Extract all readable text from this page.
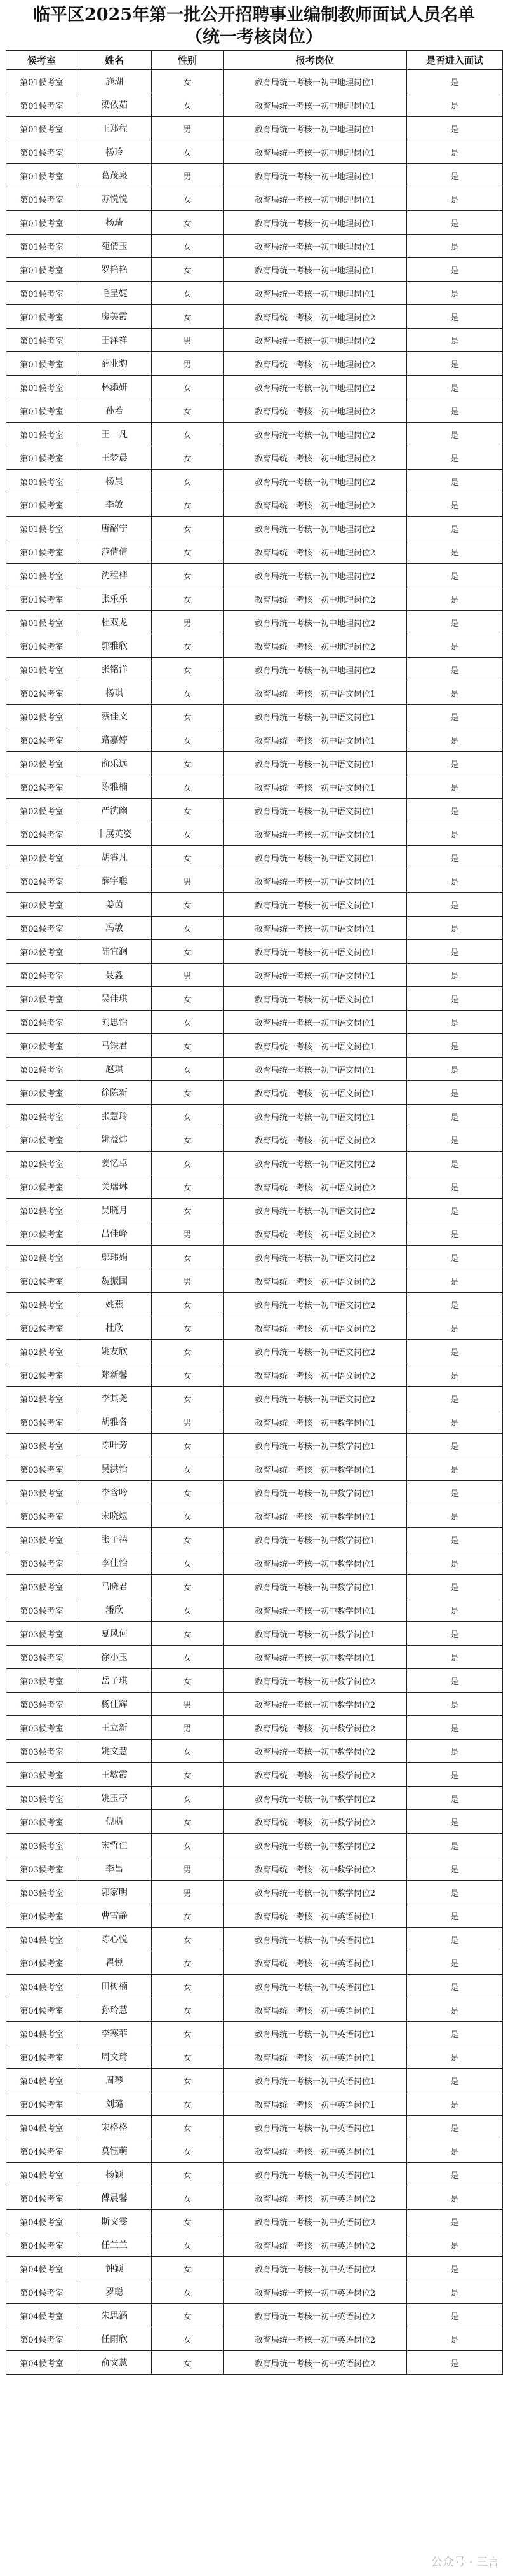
临平区2025年第一批公开招聘事业编制教师面试人员名单
（统一考核岗位）
候考室	姓名	性别	报考岗位	是否进入面试
第01候考室	施瑚	女	教育局统一考核一初中地理岗位1	是
第01候考室	梁依茹	女	教育局统一考核一初中地理岗位1	是
第01候考室	王郑程	男	教育局统一考核一初中地理岗位1	是
第01候考室	杨玲	女	教育局统一考核一初中地理岗位1	是
第01候考室	葛茂泉	男	教育局统一考核一初中地理岗位1	是
第01候考室	苏悦悦	女	教育局统一考核一初中地理岗位1	是
第01候考室	杨琦	女	教育局统一考核一初中地理岗位1	是
第01候考室	苑倩玉	女	教育局统一考核一初中地理岗位1	是
第01候考室	罗艳艳	女	教育局统一考核一初中地理岗位1	是
第01候考室	毛呈婕	女	教育局统一考核一初中地理岗位1	是
第01候考室	廖美霞	女	教育局统一考核一初中地理岗位2	是
第01候考室	王泽祥	男	教育局统一考核一初中地理岗位2	是
第01候考室	薛业豹	男	教育局统一考核一初中地理岗位2	是
第01候考室	林添妍	女	教育局统一考核一初中地理岗位2	是
第01候考室	孙若	女	教育局统一考核一初中地理岗位2	是
第01候考室	王一凡	女	教育局统一考核一初中地理岗位2	是
第01候考室	王梦晨	女	教育局统一考核一初中地理岗位2	是
第01候考室	杨晨	女	教育局统一考核一初中地理岗位2	是
第01候考室	李敏	女	教育局统一考核一初中地理岗位2	是
第01候考室	唐韶宁	女	教育局统一考核一初中地理岗位2	是
第01候考室	范倩倩	女	教育局统一考核一初中地理岗位2	是
第01候考室	沈程桦	女	教育局统一考核一初中地理岗位2	是
第01候考室	张乐乐	女	教育局统一考核一初中地理岗位2	是
第01候考室	杜双龙	男	教育局统一考核一初中地理岗位2	是
第01候考室	郭雅欣	女	教育局统一考核一初中地理岗位2	是
第01候考室	张铭洋	女	教育局统一考核一初中地理岗位2	是
第02候考室	杨琪	女	教育局统一考核一初中语文岗位1	是
第02候考室	蔡佳文	女	教育局统一考核一初中语文岗位1	是
第02候考室	路嘉婷	女	教育局统一考核一初中语文岗位1	是
第02候考室	俞乐远	女	教育局统一考核一初中语文岗位1	是
第02候考室	陈雅楠	女	教育局统一考核一初中语文岗位1	是
第02候考室	严沈幽	女	教育局统一考核一初中语文岗位1	是
第02候考室	申展英姿	女	教育局统一考核一初中语文岗位1	是
第02候考室	胡睿凡	女	教育局统一考核一初中语文岗位1	是
第02候考室	薛宇聪	男	教育局统一考核一初中语文岗位1	是
第02候考室	姜茵	女	教育局统一考核一初中语文岗位1	是
第02候考室	冯敏	女	教育局统一考核一初中语文岗位1	是
第02候考室	陆宜澜	女	教育局统一考核一初中语文岗位1	是
第02候考室	聂鑫	男	教育局统一考核一初中语文岗位1	是
第02候考室	吴佳琪	女	教育局统一考核一初中语文岗位1	是
第02候考室	刘思怡	女	教育局统一考核一初中语文岗位1	是
第02候考室	马铁君	女	教育局统一考核一初中语文岗位1	是
第02候考室	赵琪	女	教育局统一考核一初中语文岗位1	是
第02候考室	徐陈新	女	教育局统一考核一初中语文岗位1	是
第02候考室	张慧玲	女	教育局统一考核一初中语文岗位1	是
第02候考室	姚益炜	女	教育局统一考核一初中语文岗位2	是
第02候考室	姜忆卓	女	教育局统一考核一初中语文岗位2	是
第02候考室	关瑞琳	女	教育局统一考核一初中语文岗位2	是
第02候考室	吴晓月	女	教育局统一考核一初中语文岗位2	是
第02候考室	吕佳峰	男	教育局统一考核一初中语文岗位2	是
第02候考室	鄢玮娟	女	教育局统一考核一初中语文岗位2	是
第02候考室	魏振国	男	教育局统一考核一初中语文岗位2	是
第02候考室	姚燕	女	教育局统一考核一初中语文岗位2	是
第02候考室	杜欣	女	教育局统一考核一初中语文岗位2	是
第02候考室	姚友欣	女	教育局统一考核一初中语文岗位2	是
第02候考室	郑新馨	女	教育局统一考核一初中语文岗位2	是
第02候考室	李其尧	女	教育局统一考核一初中语文岗位2	是
第03候考室	胡雅各	男	教育局统一考核一初中数学岗位1	是
第03候考室	陈叶芳	女	教育局统一考核一初中数学岗位1	是
第03候考室	吴洪怡	女	教育局统一考核一初中数学岗位1	是
第03候考室	李含吟	女	教育局统一考核一初中数学岗位1	是
第03候考室	宋晓煜	女	教育局统一考核一初中数学岗位1	是
第03候考室	张子禧	女	教育局统一考核一初中数学岗位1	是
第03候考室	李佳怡	女	教育局统一考核一初中数学岗位1	是
第03候考室	马晓君	女	教育局统一考核一初中数学岗位1	是
第03候考室	潘欣	女	教育局统一考核一初中数学岗位1	是
第03候考室	夏风何	女	教育局统一考核一初中数学岗位1	是
第03候考室	徐小玉	女	教育局统一考核一初中数学岗位1	是
第03候考室	岳子琪	女	教育局统一考核一初中数学岗位2	是
第03候考室	杨佳辉	男	教育局统一考核一初中数学岗位2	是
第03候考室	王立新	男	教育局统一考核一初中数学岗位2	是
第03候考室	姚文慧	女	教育局统一考核一初中数学岗位2	是
第03候考室	王敏霞	女	教育局统一考核一初中数学岗位2	是
第03候考室	姚玉亭	女	教育局统一考核一初中数学岗位2	是
第03候考室	倪萌	女	教育局统一考核一初中数学岗位2	是
第03候考室	宋哲佳	女	教育局统一考核一初中数学岗位2	是
第03候考室	李昌	男	教育局统一考核一初中数学岗位2	是
第03候考室	郭家明	男	教育局统一考核一初中数学岗位2	是
第04候考室	曹雪静	女	教育局统一考核一初中英语岗位1	是
第04候考室	陈心悦	女	教育局统一考核一初中英语岗位1	是
第04候考室	瞿悦	女	教育局统一考核一初中英语岗位1	是
第04候考室	田树楠	女	教育局统一考核一初中英语岗位1	是
第04候考室	孙玲慧	女	教育局统一考核一初中英语岗位1	是
第04候考室	李寒菲	女	教育局统一考核一初中英语岗位1	是
第04候考室	周文琦	女	教育局统一考核一初中英语岗位1	是
第04候考室	周琴	女	教育局统一考核一初中英语岗位1	是
第04候考室	刘璐	女	教育局统一考核一初中英语岗位1	是
第04候考室	宋格格	女	教育局统一考核一初中英语岗位1	是
第04候考室	莫钰萌	女	教育局统一考核一初中英语岗位1	是
第04候考室	杨颖	女	教育局统一考核一初中英语岗位1	是
第04候考室	傅晨馨	女	教育局统一考核一初中英语岗位2	是
第04候考室	斯文雯	女	教育局统一考核一初中英语岗位2	是
第04候考室	任兰兰	女	教育局统一考核一初中英语岗位2	是
第04候考室	钟颖	女	教育局统一考核一初中英语岗位2	是
第04候考室	罗聪	女	教育局统一考核一初中英语岗位2	是
第04候考室	朱思涵	女	教育局统一考核一初中英语岗位2	是
第04候考室	任雨欣	女	教育局统一考核一初中英语岗位2	是
第04候考室	俞文慧	女	教育局统一考核一初中英语岗位2	是
公众号 · 三言
